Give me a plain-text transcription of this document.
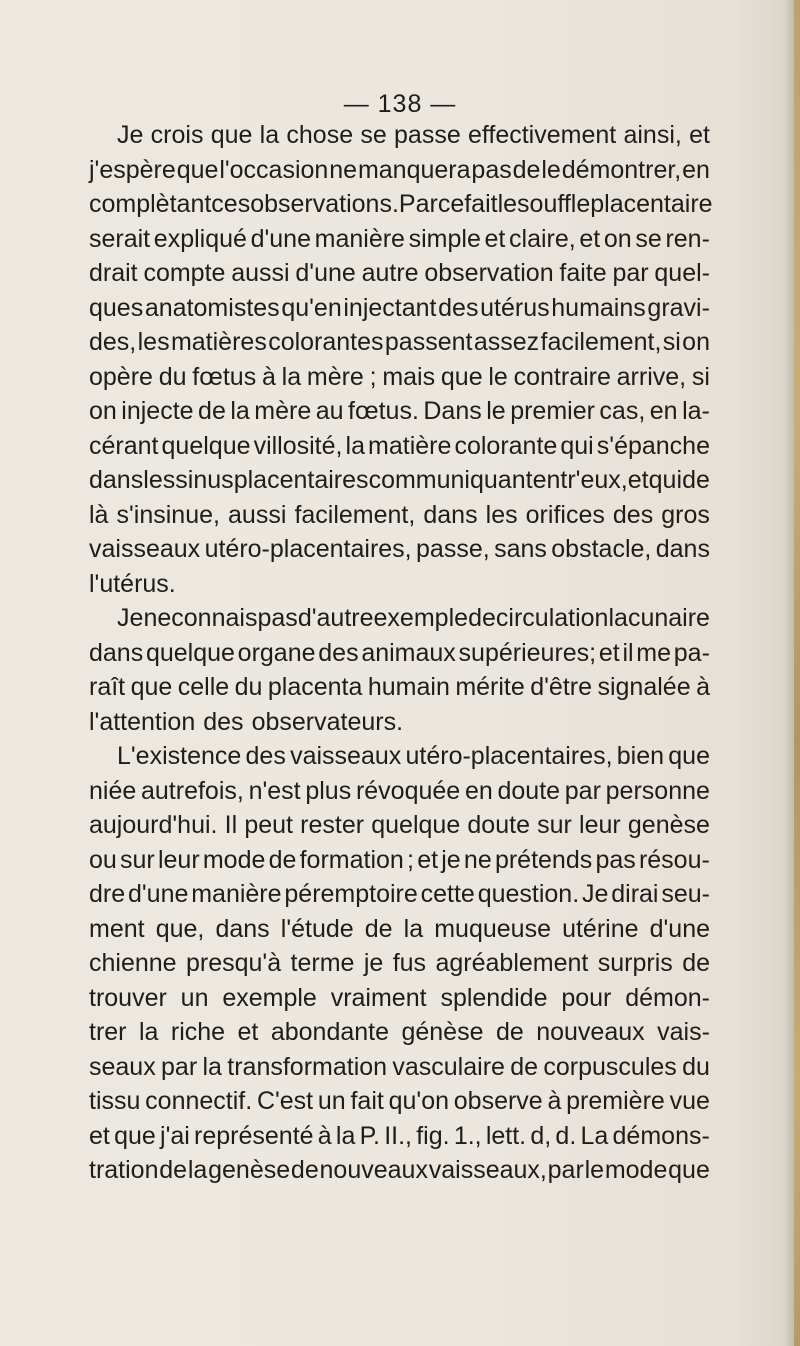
— 138 —
Je crois que la chose se passe effectivement ainsi, et
j'espère que l'occasion ne manquera pas de le démontrer, en
complètant ces observations. Par ce fait le souffle placentaire
serait expliqué d'une manière simple et claire, et on se ren-
drait compte aussi d'une autre observation faite par quel-
ques anatomistes qu'en injectant des utérus humains gravi-
des, les matières colorantes passent assez facilement, si on
opère du fœtus à la mère ; mais que le contraire arrive, si
on injecte de la mère au fœtus. Dans le premier cas, en la-
cérant quelque villosité, la matière colorante qui s'épanche
dans les sinus placentaires communiquant entr'eux, et qui de
là s'insinue, aussi facilement, dans les orifices des gros
vaisseaux utéro-placentaires, passe, sans obstacle, dans
l'utérus.
Je ne connais pas d'autre exemple de circulation lacunaire
dans quelque organe des animaux supérieures; et il me pa-
raît que celle du placenta humain mérite d'être signalée à
l'attention des observateurs.
L'existence des vaisseaux utéro-placentaires, bien que
niée autrefois, n'est plus révoquée en doute par personne
aujourd'hui. Il peut rester quelque doute sur leur genèse
ou sur leur mode de formation ; et je ne prétends pas résou-
dre d'une manière péremptoire cette question. Je dirai seu-
ment que, dans l'étude de la muqueuse utérine d'une
chienne presqu'à terme je fus agréablement surpris de
trouver un exemple vraiment splendide pour démon-
trer la riche et abondante génèse de nouveaux vais-
seaux par la transformation vasculaire de corpuscules du
tissu connectif. C'est un fait qu'on observe à première vue
et que j'ai représenté à la P. II., fig. 1., lett. d, d. La démons-
tration de la genèse de nouveaux vaisseaux, par le mode que
